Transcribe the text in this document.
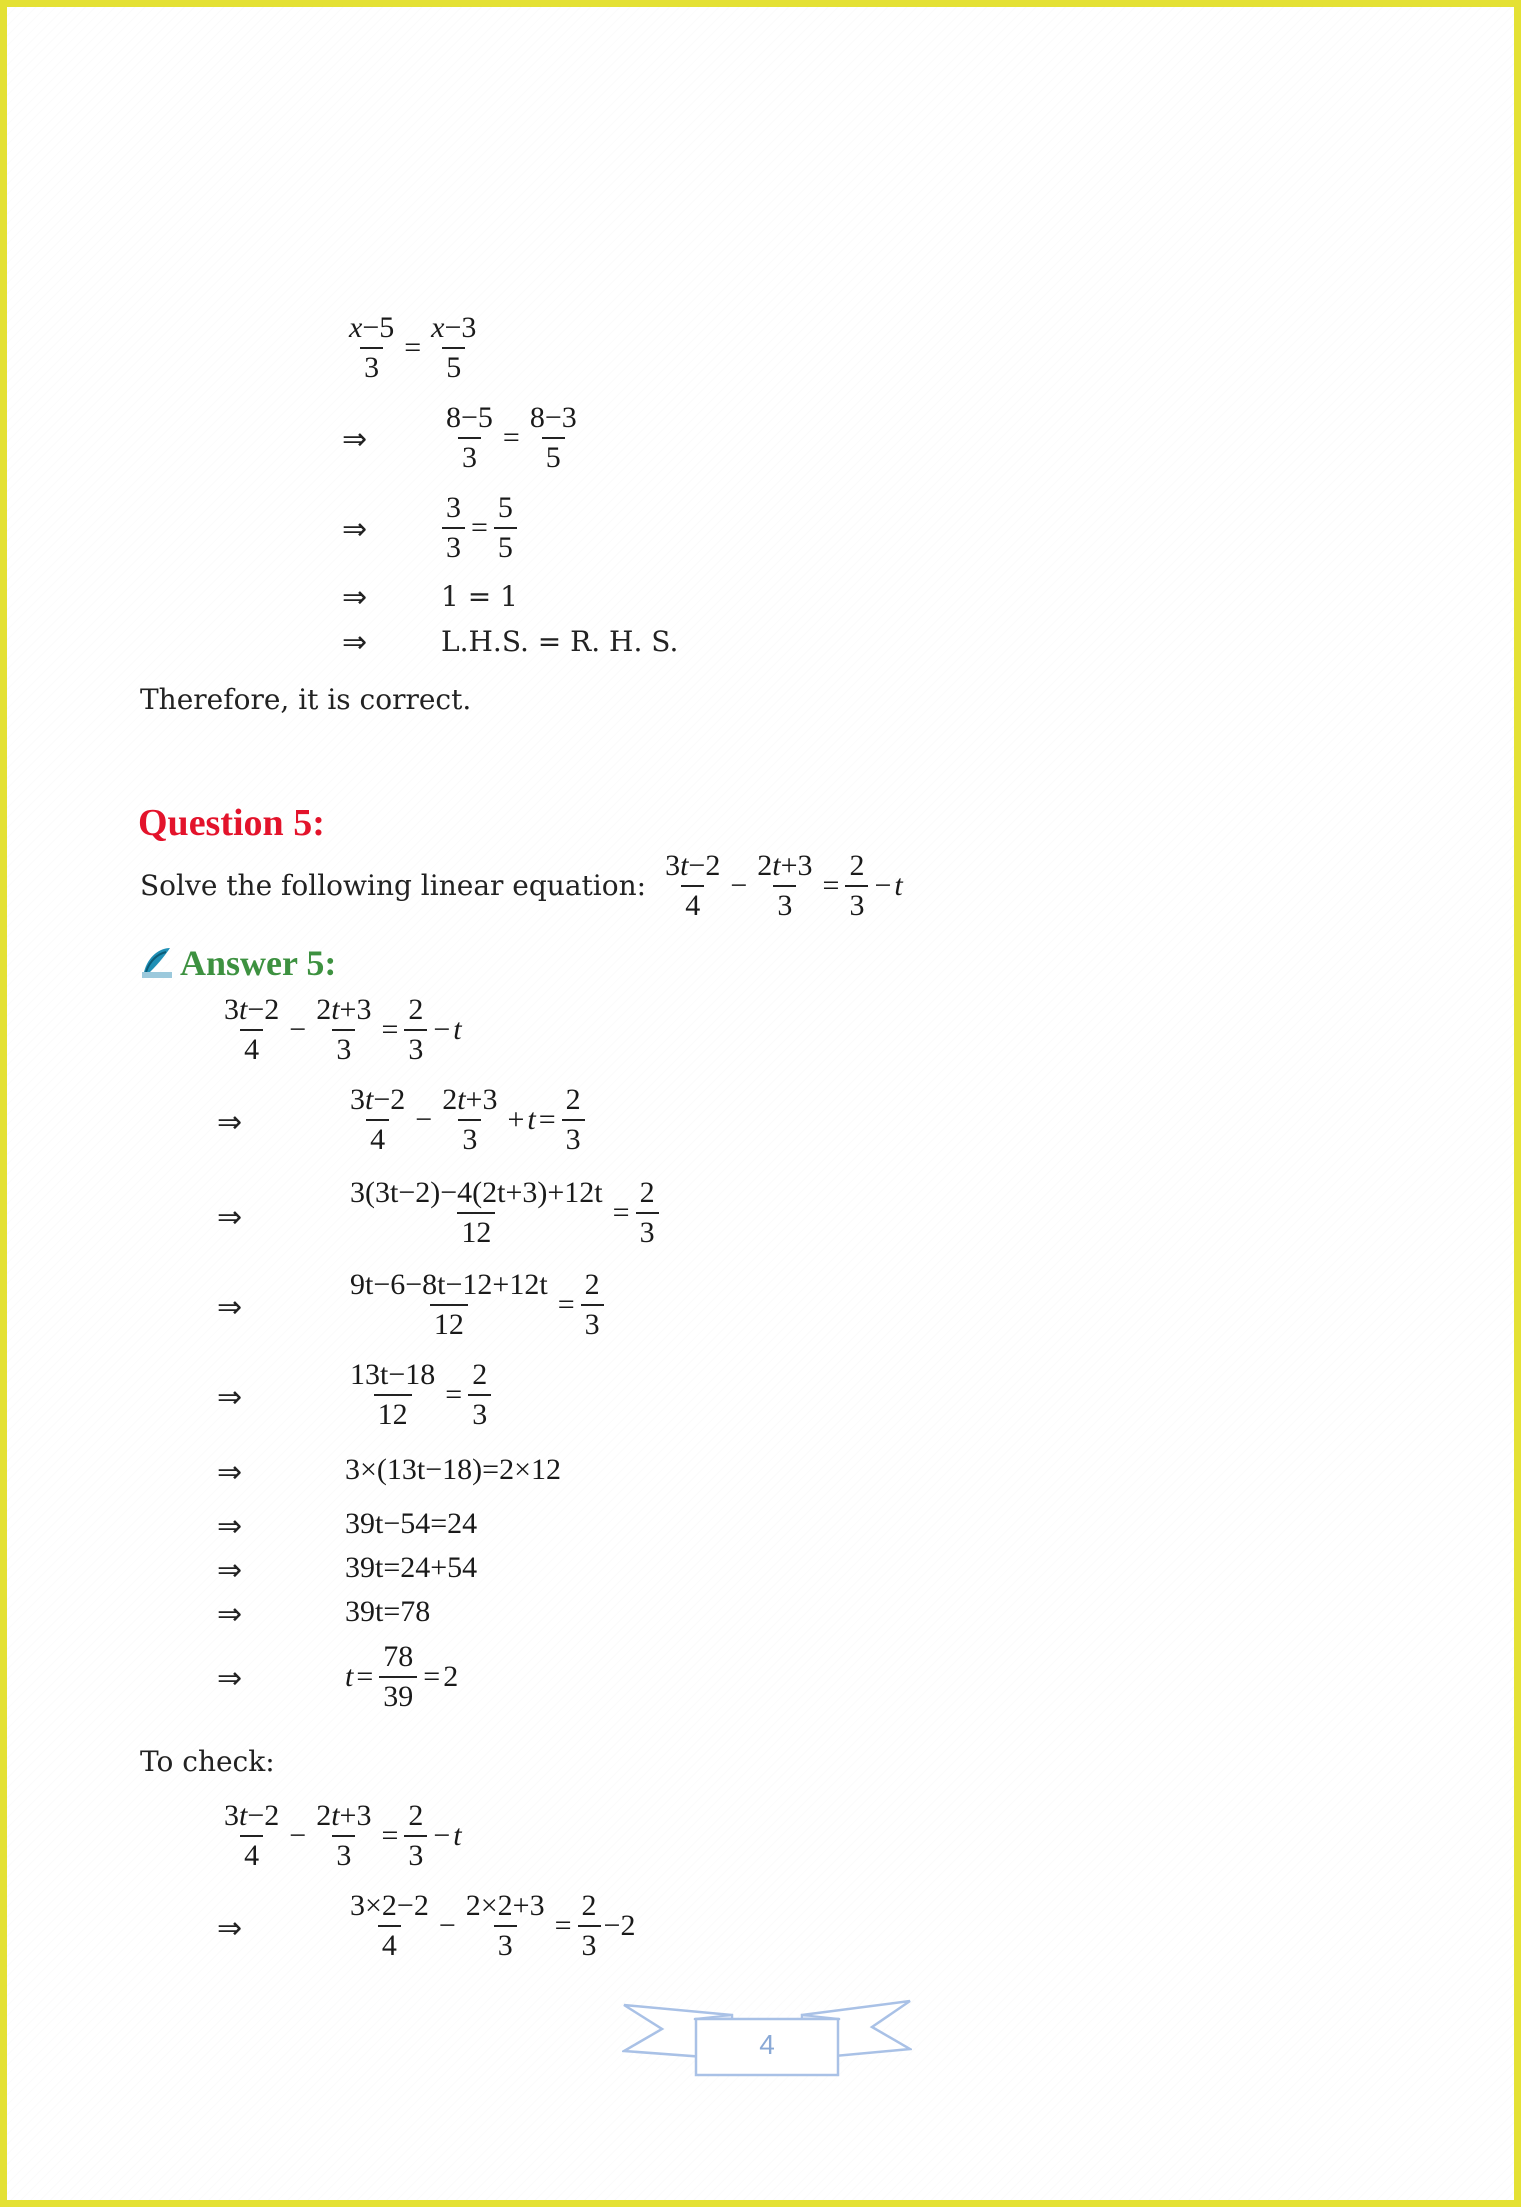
$\frac{x-5}{3} = \frac{x-3}{5}$
⇒ $\frac{8-5}{3} = \frac{8-3}{5}$
⇒ $\frac{3}{3} = \frac{5}{5}$
⇒	1 = 1
⇒	L.H.S. = R. H. S.
Therefore, it is correct.
Question 5:
Solve the following linear equation: $\frac{3t-2}{4} - \frac{2t+3}{3} = \frac{2}{3} - t$
Answer 5:
$\frac{3t-2}{4} - \frac{2t+3}{3} = \frac{2}{3} - t$
⇒	$\frac{3t-2}{4} - \frac{2t+3}{3} + t = \frac{2}{3}$
⇒	$\frac{3(3t-2)-4(2t+3)+12t}{12} = \frac{2}{3}$
⇒	$\frac{9t-6-8t-12+12t}{12} = \frac{2}{3}$
⇒	$\frac{13t-18}{12} = \frac{2}{3}$
⇒	3×(13t−18)=2×12
⇒	39t−54=24
⇒	39t=24+54
⇒	39t=78
⇒	$t = \frac{78}{39} = 2$
To check:
$\frac{3t-2}{4} - \frac{2t+3}{3} = \frac{2}{3} - t$
⇒	$\frac{3\times 2-2}{4} - \frac{2\times 2+3}{3} = \frac{2}{3} -2$
4
